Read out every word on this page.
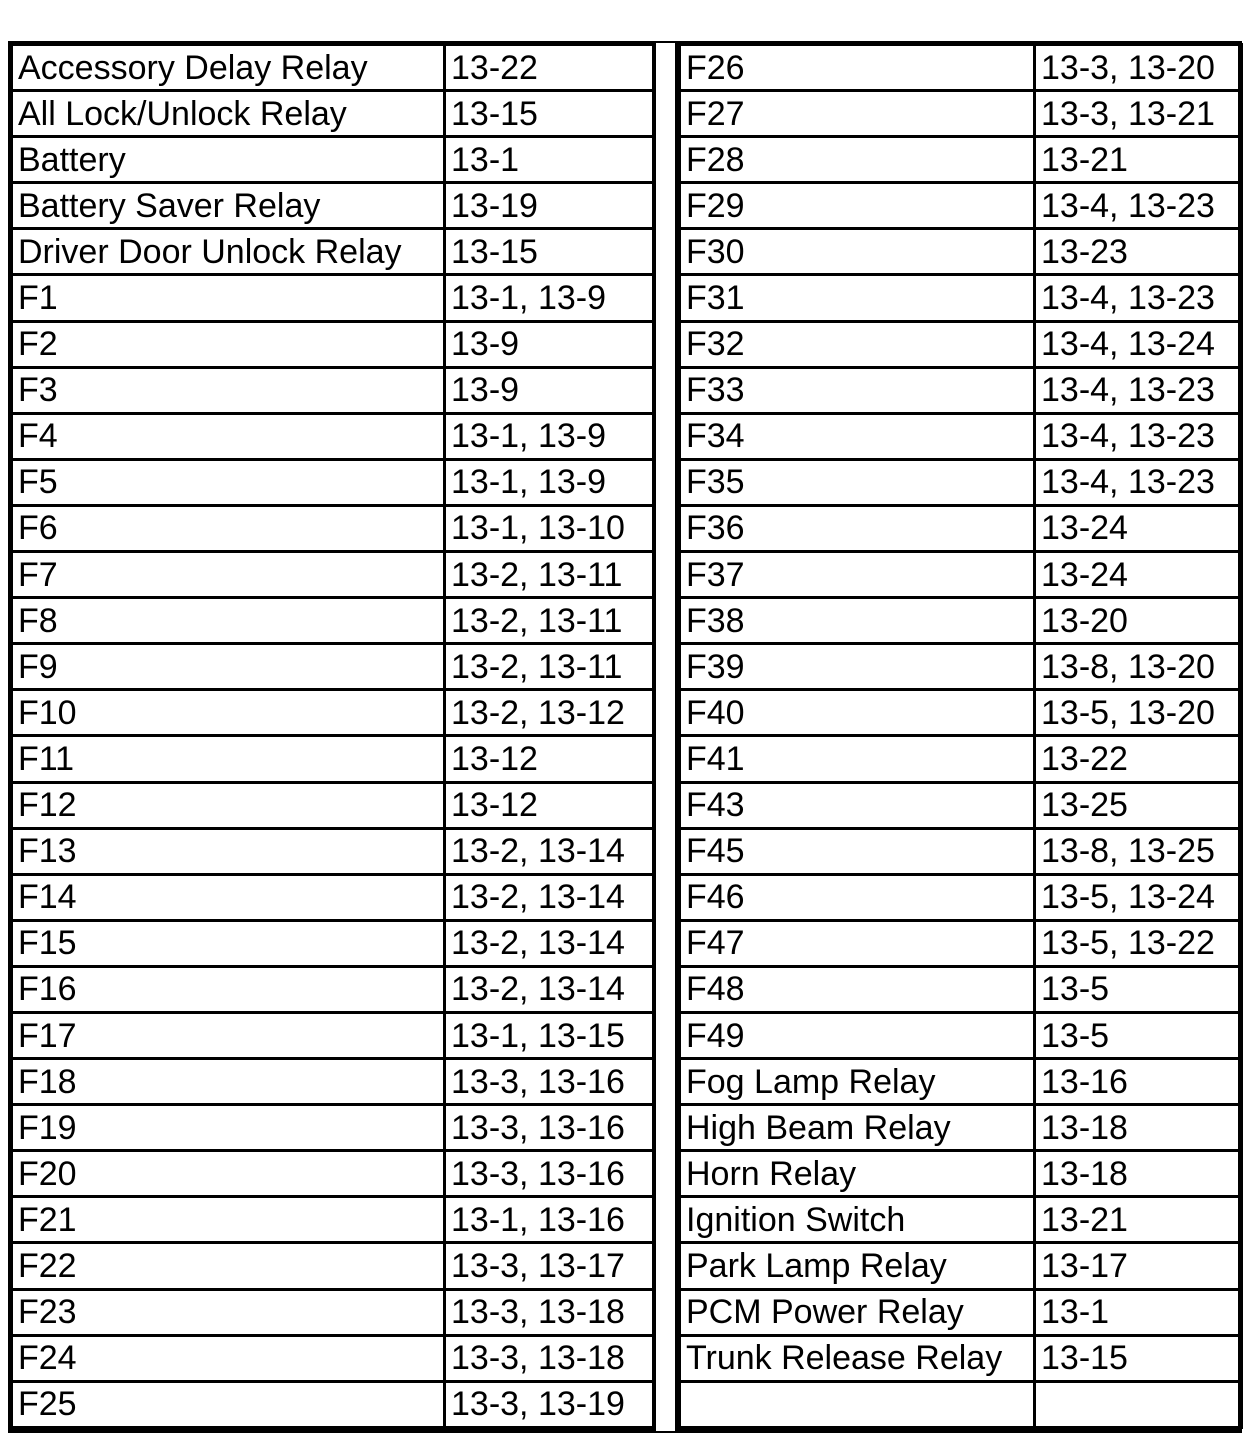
Accessory Delay Relay	13-22
All Lock/Unlock Relay	13-15
Battery	13-1
Battery Saver Relay	13-19
Driver Door Unlock Relay	13-15
F1	13-1, 13-9
F2	13-9
F3	13-9
F4	13-1, 13-9
F5	13-1, 13-9
F6	13-1, 13-10
F7	13-2, 13-11
F8	13-2, 13-11
F9	13-2, 13-11
F10	13-2, 13-12
F11	13-12
F12	13-12
F13	13-2, 13-14
F14	13-2, 13-14
F15	13-2, 13-14
F16	13-2, 13-14
F17	13-1, 13-15
F18	13-3, 13-16
F19	13-3, 13-16
F20	13-3, 13-16
F21	13-1, 13-16
F22	13-3, 13-17
F23	13-3, 13-18
F24	13-3, 13-18
F25	13-3, 13-19
F26	13-3, 13-20
F27	13-3, 13-21
F28	13-21
F29	13-4, 13-23
F30	13-23
F31	13-4, 13-23
F32	13-4, 13-24
F33	13-4, 13-23
F34	13-4, 13-23
F35	13-4, 13-23
F36	13-24
F37	13-24
F38	13-20
F39	13-8, 13-20
F40	13-5, 13-20
F41	13-22
F43	13-25
F45	13-8, 13-25
F46	13-5, 13-24
F47	13-5, 13-22
F48	13-5
F49	13-5
Fog Lamp Relay	13-16
High Beam Relay	13-18
Horn Relay	13-18
Ignition Switch	13-21
Park Lamp Relay	13-17
PCM Power Relay	13-1
Trunk Release Relay	13-15
